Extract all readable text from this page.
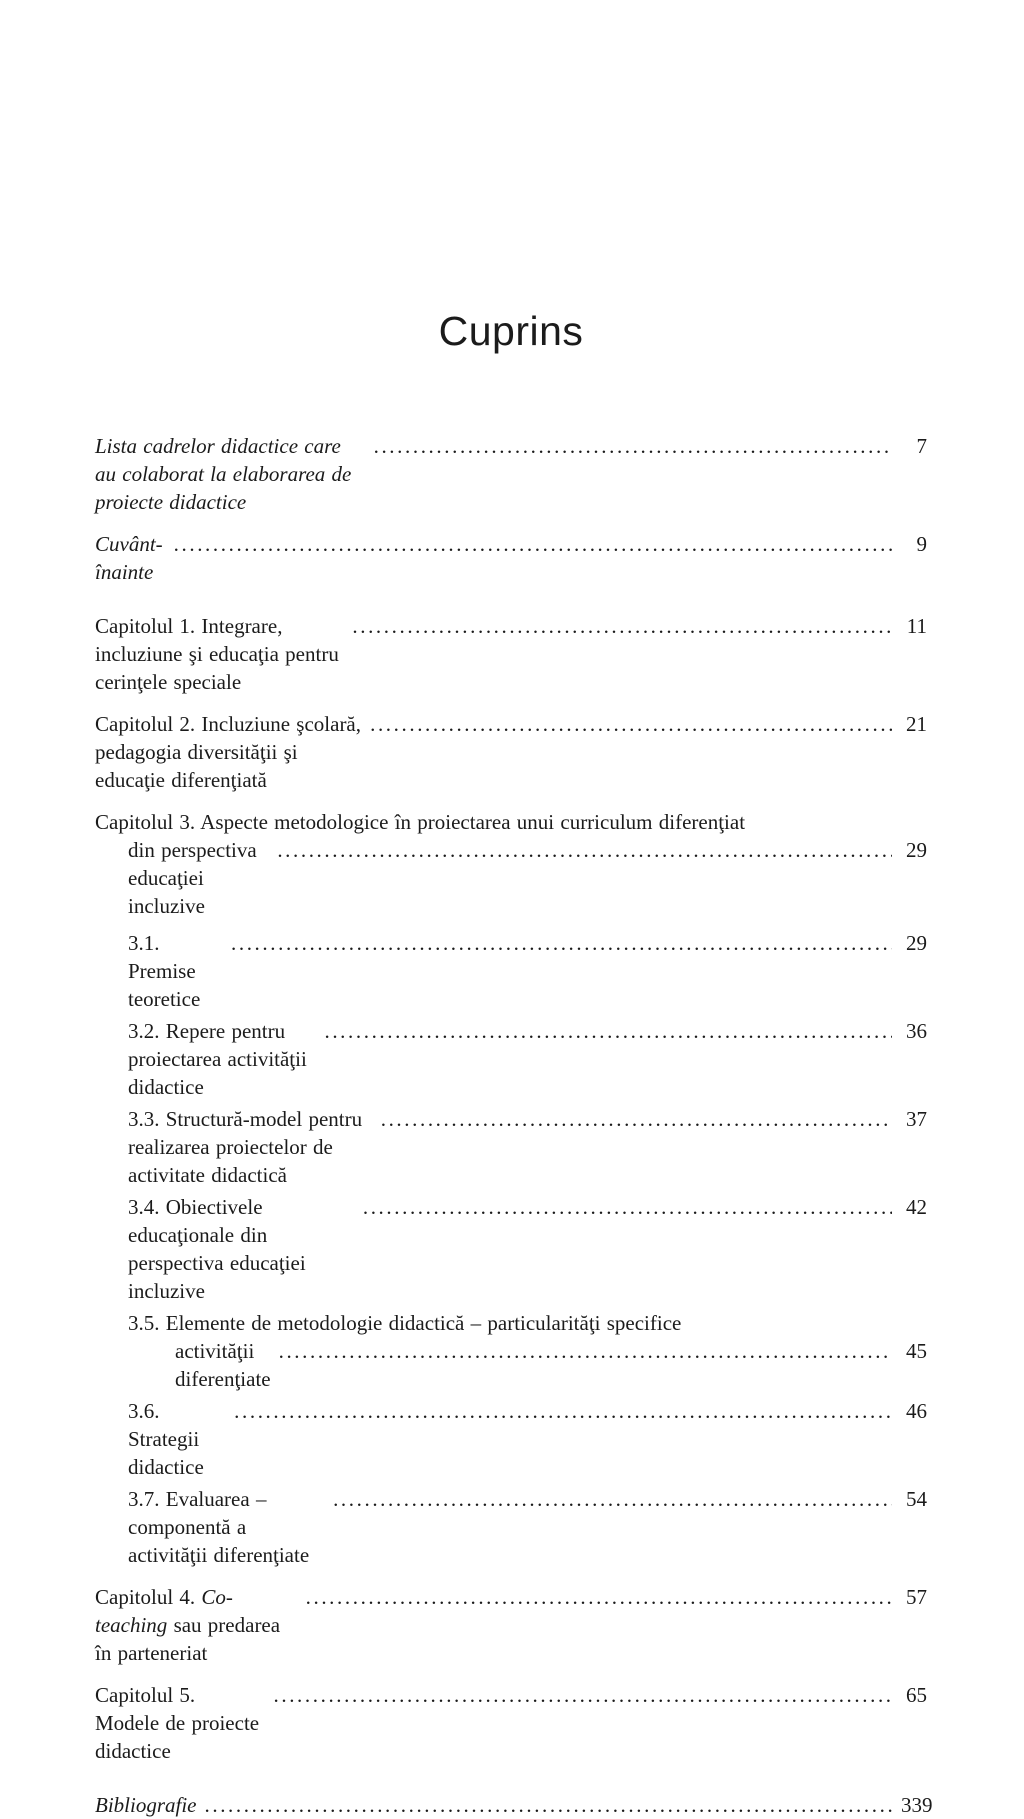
Cuprins
Lista cadrelor didactice care au colaborat la elaborarea de proiecte didactice
.....
7
Cuvânt-înainte
.....
9
Capitolul 1. Integrare, incluziune şi educaţia pentru cerinţele speciale
.....
11
Capitolul 2. Incluziune şcolară, pedagogia diversităţii şi educaţie diferenţiată
.....
21
Capitolul 3. Aspecte metodologice în proiectarea unui curriculum diferenţiat
din perspectiva educaţiei incluzive
.....
29
3.1. Premise teoretice
.....
29
3.2. Repere pentru proiectarea activităţii didactice
.....
36
3.3. Structură-model pentru realizarea proiectelor de activitate didactică
.....
37
3.4. Obiectivele educaţionale din perspectiva educaţiei incluzive
.....
42
3.5. Elemente de metodologie didactică – particularităţi specifice
activităţii diferenţiate
.....
45
3.6. Strategii didactice
.....
46
3.7. Evaluarea – componentă a activităţii diferenţiate
.....
54
Capitolul 4. Co-teaching sau predarea în parteneriat
.....
57
Capitolul 5. Modele de proiecte didactice
.....
65
Bibliografie .....	339
